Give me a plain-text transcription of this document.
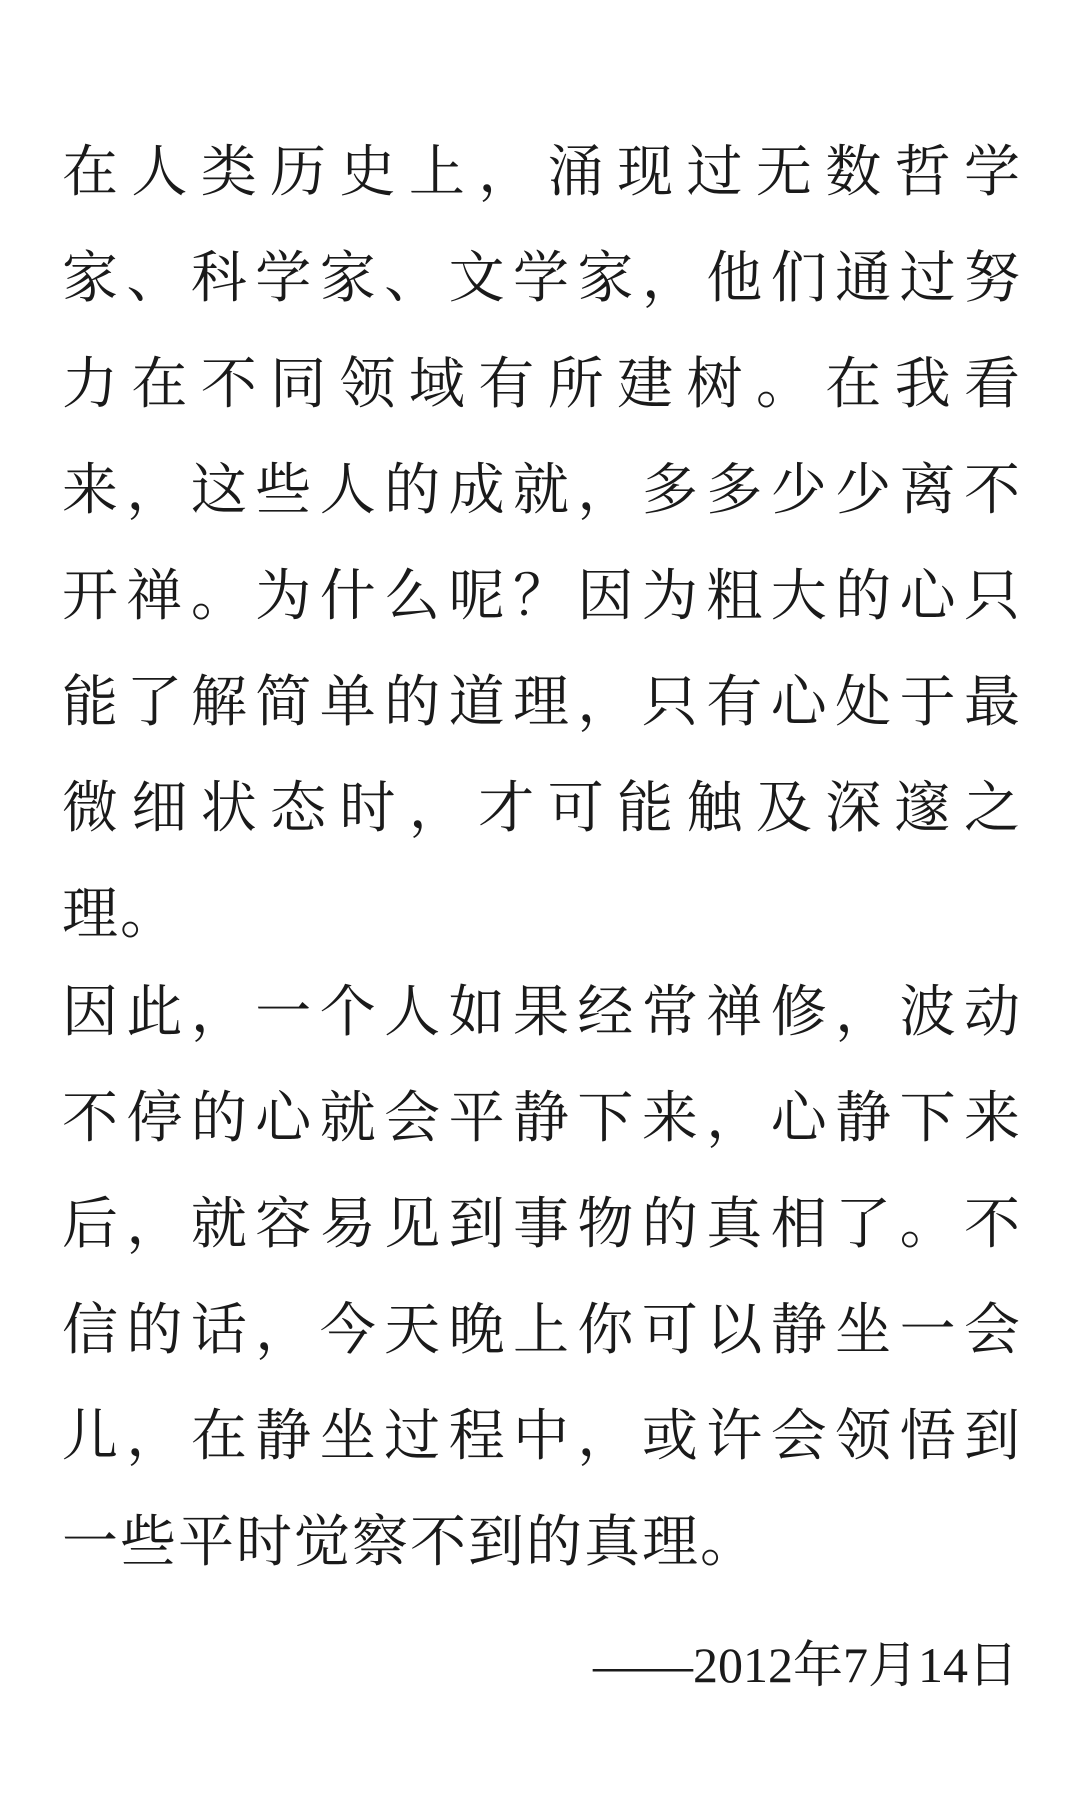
在人类历史上，涌现过无数哲学
家、科学家、文学家，他们通过努
力在不同领域有所建树。在我看
来，这些人的成就，多多少少离不
开禅。为什么呢？因为粗大的心只
能了解简单的道理，只有心处于最
微细状态时，才可能触及深邃之
理。
因此，一个人如果经常禅修，波动
不停的心就会平静下来，心静下来
后，就容易见到事物的真相了。不
信的话，今天晚上你可以静坐一会
儿，在静坐过程中，或许会领悟到
一些平时觉察不到的真理。
——2012年7月14日
